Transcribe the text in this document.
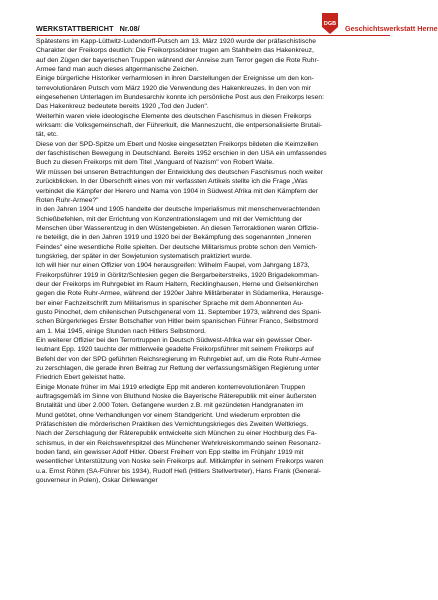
WERKSTATTBERICHT Nr.08/	DGB Geschichtswerkstatt Herne
Spätestens im Kapp-Lüttwitz-Ludendorff-Putsch am 13. März 1920 wurde der präfaschistische
Charakter der Freikorps deutlich: Die Freikorpssöldner trugen am Stahlhelm das Hakenkreuz,
auf den Zügen der bayerischen Truppen während der Anreise zum Terror gegen die Rote Ruhr-
Armee fand man auch dieses altgermanische Zeichen.
Einige bürgerliche Historiker verharmlosen in ihren Darstellungen der Ereignisse um den kon-
terrevolutionären Putsch vom März 1920 die Verwendung des Hakenkreuzes. In den von mir
eingesehenen Unterlagen im Bundesarchiv konnte ich persönliche Post aus den Freikorps lesen:
Das Hakenkreuz bedeutete bereits 1920 „Tod den Juden".
Weiterhin waren viele ideologische Elemente des deutschen Faschismus in diesen Freikorps
wirksam: die Volksgemeinschaft, der Führerkult, die Manneszucht, die entpersonalisierte Brutali-
tät, etc.
Diese von der SPD-Spitze um Ebert und Noske eingesetzten Freikorps bildeten die Keimzellen
der faschistischen Bewegung in Deutschland. Bereits 1952 erschien in den USA ein umfassendes
Buch zu diesen Freikorps mit dem Titel „Vanguard of Nazism" von Robert Waite.
Wir müssen bei unseren Betrachtungen der Entwicklung des deutschen Faschismus noch weiter
zurückblicken. In der Überschrift eines von mir verfassten Artikels stellte ich die Frage „Was
verbindet die Kämpfer der Herero und Nama von 1904 in Südwest Afrika mit den Kämpfern der
Roten Ruhr-Armee?"
In den Jahren 1904 und 1905 handelte der deutsche Imperialismus mit menschenverachtenden
Schießbefehlen, mit der Errichtung von Konzentrationslagern und mit der Vernichtung der
Menschen über Wasserentzug in den Wüstengebieten. An diesen Terroraktionen waren Offizie-
re beteiligt, die in den Jahren 1919 und 1920 bei der Bekämpfung des sogenannten „Inneren
Feindes" eine wesentliche Rolle spielten. Der deutsche Militarismus probte schon den Vernich-
tungskrieg, der später in der Sowjetunion systematisch praktiziert wurde.
Ich will hier nur einen Offizier von 1904 herausgreifen: Wilhelm Faupel, vom Jahrgang 1873,
Freikorpsführer 1919 in Görlitz/Schlesien gegen die Bergarbeiterstreiks, 1920 Brigadekomman-
deur der Freikorps im Ruhrgebiet im Raum Haltern, Recklinghausen, Herne und Gelsenkirchen
gegen die Rote Ruhr-Armee, während der 1920er Jahre Militärberater in Südamerika, Herausge-
ber einer Fachzeitschrift zum Militarismus in spanischer Sprache mit dem Abonnenten Au-
gusto Pinochet, dem chilenischen Putschgeneral vom 11. September 1973, während des Spani-
schen Bürgerkrieges Erster Botschafter von Hitler beim spanischen Führer Franco, Selbstmord
am 1. Mai 1945, einige Stunden nach Hitlers Selbstmord.
Ein weiterer Offizier bei den Terrortruppen in Deutsch Südwest-Afrika war ein gewisser Ober-
leutnant Epp. 1920 tauchte der mittlerweile geadelte Freikorpsführer mit seinem Freikorps auf
Befehl der von der SPD geführten Reichsregierung im Ruhrgebiet auf, um die Rote Ruhr-Armee
zu zerschlagen, die gerade ihren Beitrag zur Rettung der verfassungsmäßigen Regierung unter
Friedrich Ebert geleistet hatte.
Einige Monate früher im Mai 1919 erledigte Epp mit anderen konterrevolutionären Truppen
auftragsgemäß im Sinne von Bluthund Noske die Bayerische Räterepublik mit einer äußersten
Brutalität und über 2.000 Toten. Gefangene wurden z.B. mit gezündeten Handgranaten im
Mund getötet, ohne Verhandlungen vor einem Standgericht. Und wiederum erprobten die
Präfaschisten die mörderischen Praktiken des Vernichtungskrieges des Zweiten Weltkriegs.
Nach der Zerschlagung der Räterepublik entwickelte sich München zu einer Hochburg des Fa-
schismus, in der ein Reichswehrspitzel des Münchener Wehrkreiskommando seinen Resonanz-
boden fand, ein gewisser Adolf Hitler. Oberst Freiherr von Epp stellte im Frühjahr 1919 mit
wesentlicher Unterstützung von Noske sein Freikorps auf. Mitkämpfer in seinem Freikorps waren
u.a. Ernst Röhm (SA-Führer bis 1934), Rudolf Heß (Hitlers Stellvertreter), Hans Frank (General-
gouverneur in Polen), Oskar Dirlewanger
